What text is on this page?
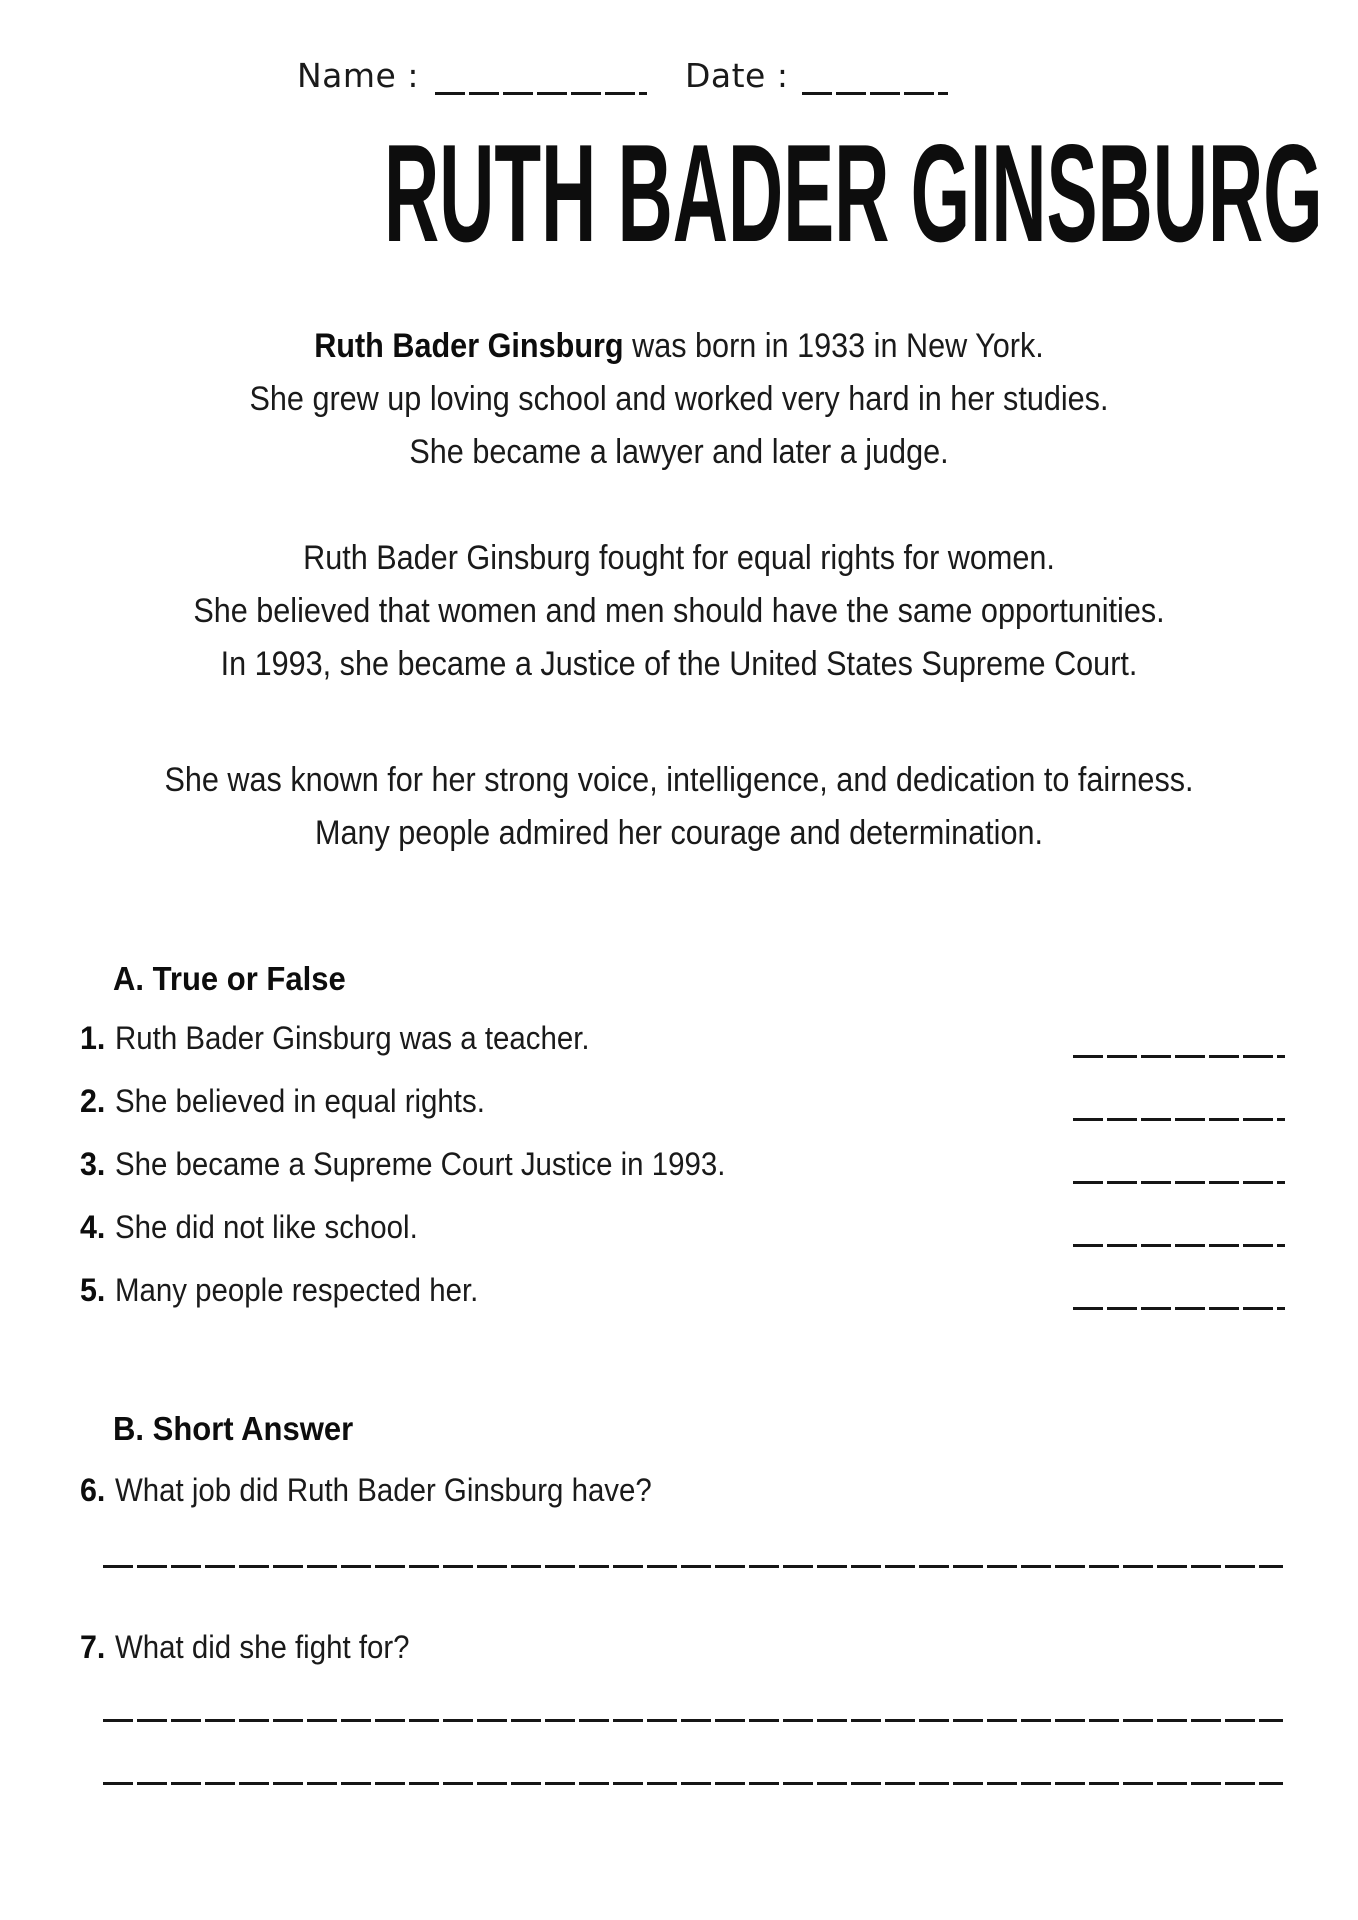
Name :	Date :
RUTH BADER GINSBURG
Ruth Bader Ginsburg was born in 1933 in New York.
She grew up loving school and worked very hard in her studies.
She became a lawyer and later a judge.
Ruth Bader Ginsburg fought for equal rights for women.
She believed that women and men should have the same opportunities.
In 1993, she became a Justice of the United States Supreme Court.
She was known for her strong voice, intelligence, and dedication to fairness.
Many people admired her courage and determination.
A. True or False
1. Ruth Bader Ginsburg was a teacher.
2. She believed in equal rights.
3. She became a Supreme Court Justice in 1993.
4. She did not like school.
5. Many people respected her.
B. Short Answer
6. What job did Ruth Bader Ginsburg have?
7. What did she fight for?
